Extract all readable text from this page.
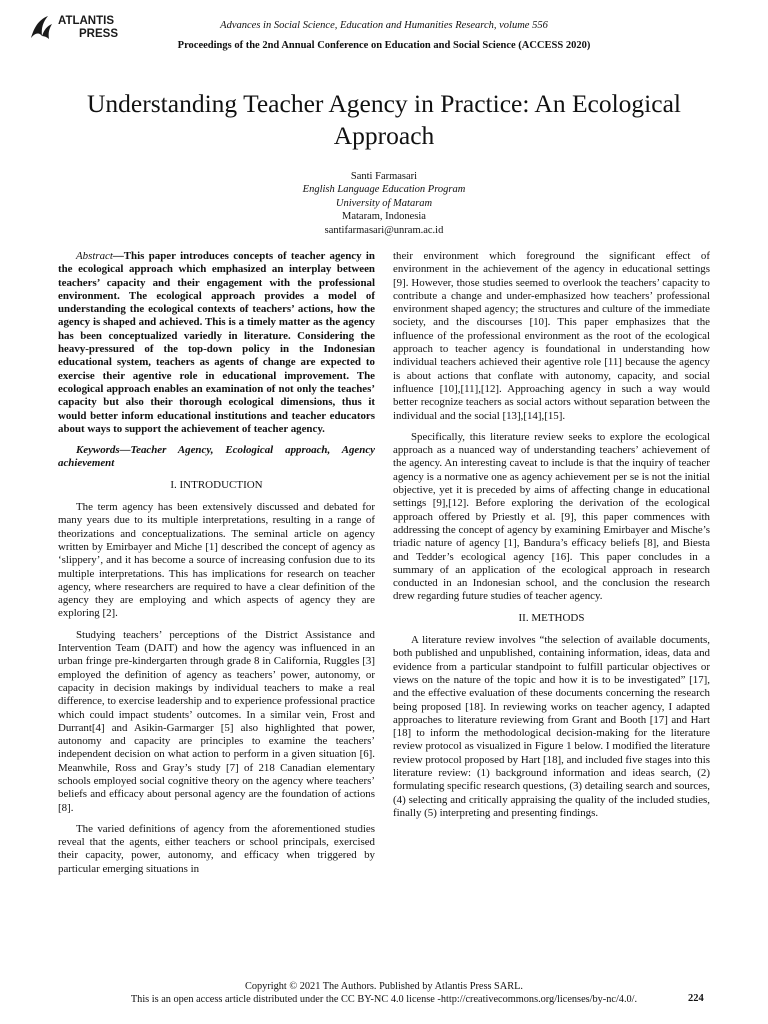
ATLANTIS
PRESS
Advances in Social Science, Education and Humanities Research, volume 556
Proceedings of the 2nd Annual Conference on Education and Social Science (ACCESS 2020)
Understanding Teacher Agency in Practice: An Ecological Approach
Santi Farmasari
English Language Education Program
University of Mataram
Mataram, Indonesia
santifarmasari@unram.ac.id

Abstract—This paper introduces concepts of teacher agency in the ecological approach which emphasized an interplay between teachers’ capacity and their engagement with the professional environment. The ecological approach provides a model of understanding the ecological contexts of teachers’ actions, how the agency is shaped and achieved. This is a timely matter as the agency has been conceptualized variedly in literature. Considering the heavy-pressured of the top-down policy in the Indonesian educational system, teachers as agents of change are expected to exercise their agentive role in educational improvement. The ecological approach enables an examination of not only the teaches’ capacity but also their thorough ecological dimensions, thus it would better inform educational institutions and teacher educators about ways to support the achievement of teacher agency.

Keywords—Teacher Agency, Ecological approach, Agency achievement

I. INTRODUCTION

The term agency has been extensively discussed and debated for many years due to its multiple interpretations, resulting in a range of theorizations and conceptualizations. The seminal article on agency written by Emirbayer and Miche [1] described the concept of agency as ‘slippery’, and it has become a source of increasing confusion due to its multiple interpretations. This has implications for research on teacher agency, where researchers are required to have a clear definition of the agency they are employing and which aspects of agency they are exploring [2].

Studying teachers’ perceptions of the District Assistance and Intervention Team (DAIT) and how the agency was influenced in an urban fringe pre-kindergarten through grade 8 in California, Ruggles [3] employed the definition of agency as teachers’ power, autonomy, or capacity in decision makings by individual teachers to make a real difference, to exercise leadership and to experience professional practice which could impact students’ outcomes. In a similar vein, Frost and Durrant[4] and Asikin-Garmarger [5] also highlighted that power, autonomy and capacity are principles to examine the teachers’ independent decision on what action to perform in a given situation [6]. Meanwhile, Ross and Gray’s study [7] of 218 Canadian elementary schools employed social cognitive theory on the agency where teachers’ beliefs and efficacy about personal agency are the foundation of actions [8].

The varied definitions of agency from the aforementioned studies reveal that the agents, either teachers or school principals, exercised their capacity, power, autonomy, and efficacy when triggered by particular emerging situations in

their environment which foreground the significant effect of environment in the achievement of the agency in educational settings [9]. However, those studies seemed to overlook the teachers’ capacity to contribute a change and under-emphasized how teachers’ professional environment shaped agency; the structures and culture of the immediate society, and the discourses [10]. This paper emphasizes that the influence of the professional environment as the root of the ecological approach to teacher agency is foundational in understanding how individual teachers achieved their agentive role [11] because the agency is about actions that conflate with autonomy, capacity, and social influence [10],[11],[12]. Approaching agency in such a way would better recognize teachers as social actors without separation between the individual and the social [13],[14],[15].

Specifically, this literature review seeks to explore the ecological approach as a nuanced way of understanding teachers’ achievement of the agency. An interesting caveat to include is that the inquiry of teacher agency is a normative one as agency achievement per se is not the initial objective, yet it is preceded by aims of affecting change in educational settings [9],[12]. Before exploring the derivation of the ecological approach offered by Priestly et al. [9], this paper commences with addressing the concept of agency by examining Emirbayer and Mische’s triadic nature of agency [1], Bandura’s efficacy beliefs [8], and Biesta and Tedder’s ecological agency [16]. This paper concludes in a summary of an application of the ecological approach in research conducted in an Indonesian school, and the conclusion the research drew regarding future studies of teacher agency.

II. METHODS

A literature review involves “the selection of available documents, both published and unpublished, containing information, ideas, data and evidence from a particular standpoint to fulfill particular objectives or views on the nature of the topic and how it is to be investigated” [17], and the effective evaluation of these documents concerning the research being proposed [18]. In reviewing works on teacher agency, I adapted approaches to literature reviewing from Grant and Booth [17] and Hart [18] to inform the methodological decision-making for the literature review protocol as visualized in Figure 1 below. I modified the literature review protocol proposed by Hart [18], and included five stages into this literature review: (1) background information and ideas search, (2) formulating specific research questions, (3) detailing search and sources, (4) selecting and critically appraising the quality of the included studies, finally (5) interpreting and presenting findings.

Copyright © 2021 The Authors. Published by Atlantis Press SARL.
This is an open access article distributed under the CC BY-NC 4.0 license -http://creativecommons.org/licenses/by-nc/4.0/.	224
